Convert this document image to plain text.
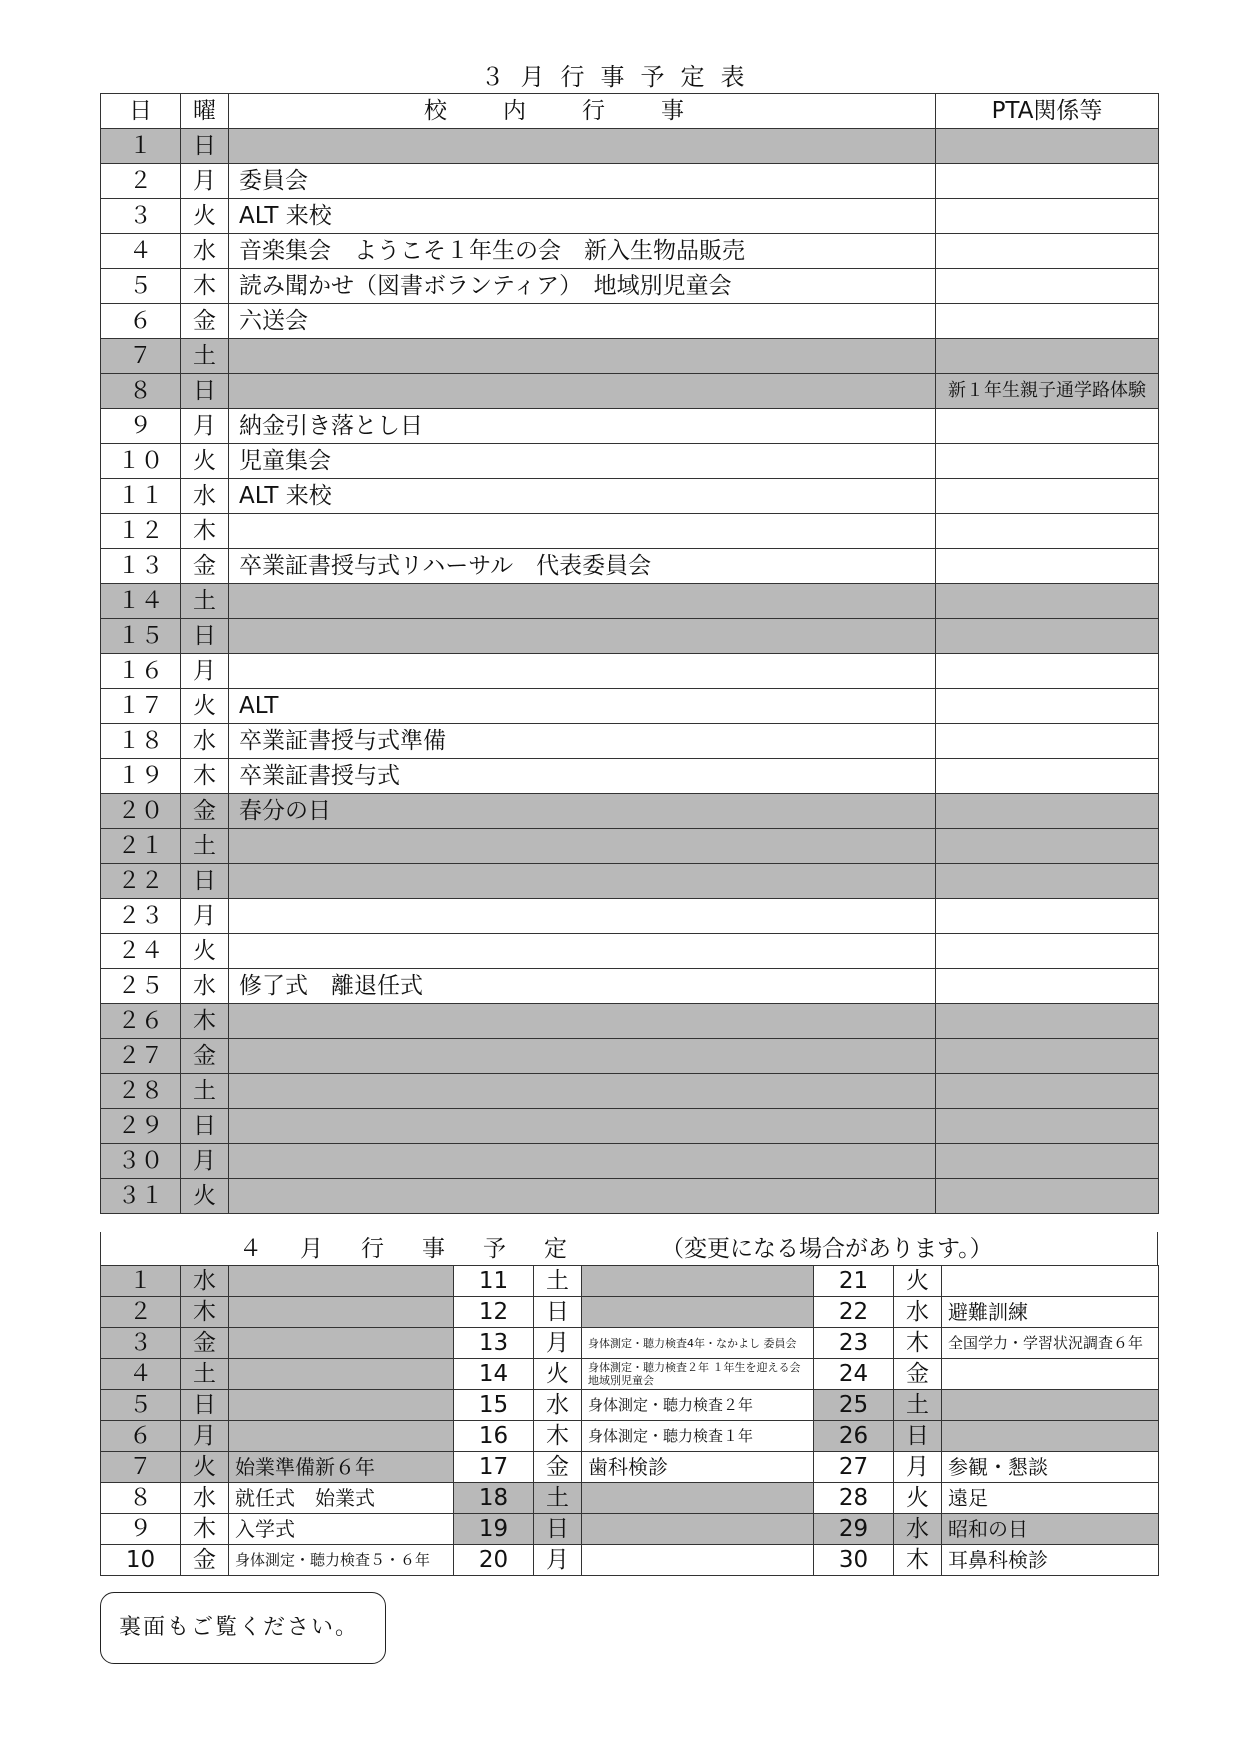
３月行事予定表
日	曜	校内行事	PTA関係等
１	日		
２	月	委員会	
３	火	ALT 来校	
４	水	音楽集会　ようこそ１年生の会　新入生物品販売	
５	木	読み聞かせ（図書ボランティア）　地域別児童会	
６	金	六送会	
７	土		
８	日		新１年生親子通学路体験
９	月	納金引き落とし日	
１０	火	児童集会	
１１	水	ALT 来校	
１２	木		
１３	金	卒業証書授与式リハーサル　代表委員会	
１４	土		
１５	日		
１６	月		
１７	火	ALT	
１８	水	卒業証書授与式準備	
１９	木	卒業証書授与式	
２０	金	春分の日	
２１	土		
２２	日		
２３	月		
２４	火		
２５	水	修了式　離退任式	
２６	木		
２７	金		
２８	土		
２９	日		
３０	月		
３１	火		
４月行事予定 （変更になる場合があります。）
１	水		11	土		21	火	
２	木		12	日		22	水	避難訓練
３	金		13	月	身体測定・聴力検査4年・なかよし 委員会	23	木	全国学力・学習状況調査６年
４	土		14	火	身体測定・聴力検査２年 １年生を迎える会　地域別児童会	24	金	
５	日		15	水	身体測定・聴力検査２年	25	土	
６	月		16	木	身体測定・聴力検査１年	26	日	
７	火	始業準備新６年	17	金	歯科検診	27	月	参観・懇談
８	水	就任式　始業式	18	土		28	火	遠足
９	木	入学式	19	日		29	水	昭和の日
10	金	身体測定・聴力検査５・６年	20	月		30	木	耳鼻科検診
裏面もご覧ください。
